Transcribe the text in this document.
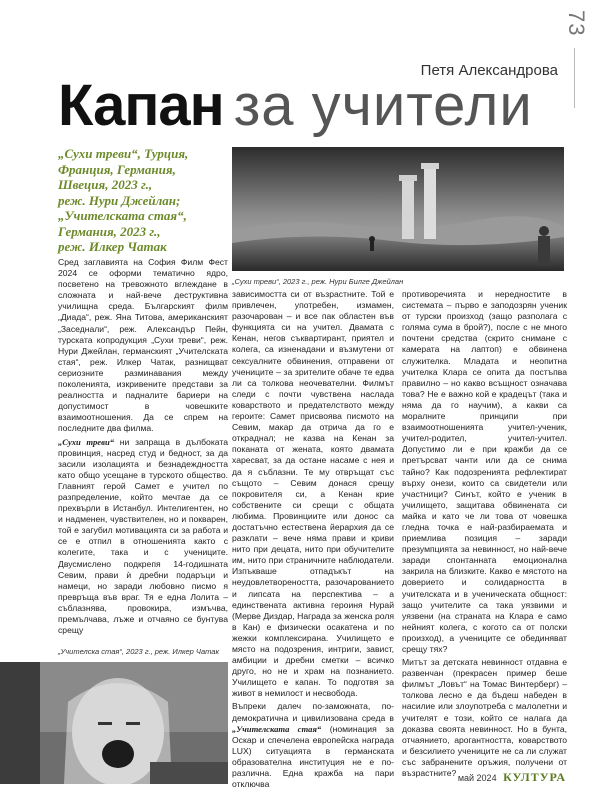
73
Петя Александрова
Капан за учители
„Сухи треви“, Турция,
Франция, Германия,
Швеция, 2023 г.,
реж. Нури Джейлан;
„Учителската стая“,
Германия, 2023 г.,
реж. Илкер Чатак
„Сухи треви“, 2023 г., реж. Нури Билге Джейлан

Сред заглавията на София Филм Фест 2024 се оформи тематично ядро, посветено на тревожното вглеждане в сложната и най-вече деструктивна училищна среда. Българският филм „Диада“, реж. Яна Титова, американският „Заседнали“, реж. Александър Пейн, турската копродукция „Сухи треви“, реж. Нури Джейлан, германският „Учителската стая“, реж. Илкер Чатак, разнищват сериозните разминавания между поколенията, изкривените представи за реалността и падналите бариери на допустимост в човешките взаимоотношения. Да се спрем на последните два филма.

„Сухи треви“ ни запраща в дълбоката провинция, насред студ и бедност, за да засили изолацията и безнадеждността като общо усещане в турското общество. Главният герой Самет е учител по разпределение, който мечтае да се прехвърли в Истанбул. Интелигентен, но и надменен, чувствителен, но и покварен, той е загубил мотивацията си за работа и се е отпил в отношенията както с колегите, така и с учениците. Двусмислено подкрепя 14-годишната Севим, прави ѝ дребни подаръци и намеци, но заради любовно писмо я превръща във враг. Тя е една Лолита – съблазнява, провокира, измъчва, премълчава, лъже и отчаяно се бунтува срещу

„Учителска стая“, 2023 г., реж. Илкер Чатак

зависимостта си от възрастните. Той е привлечен, употребен, измамен, разочарован – и все пак областен във функцията си на учител. Двамата с Кенан, негов съквартирант, приятел и колега, са изненадани и възмутени от сексуалните обвинения, отправени от учениците – за зрителите обаче те едва ли са толкова неочевателни. Филмът следи с почти чувствена наслада коварството и предателството между героите: Самет присвоява писмото на Севим, макар да отрича да го е откраднал; не казва на Кенан за поканата от жената, която двамата харесват, за да остане насаме с нея и да я съблазни. Те му отвръщат със същото – Севим донася срещу покровителя си, а Кенан крие собствените си срещи с общата любима. Провинциите или донос са достатъчно естествена йерархия да се разклати – вече няма прави и криви нито при децата, нито при обучителите им, нито при страничните наблюдатели. Изпъкваше отпадъкът на неудовлетвореността, разочарованието и липсата на перспектива – а единствената активна героиня Нурай (Мерве Дизда͏р, Награда за женска роля в Кан) е физически осакатена и по жежки комплексирана. Училището е място на подозрения, интриги, завист, амбиции и дребни сметки – всичко друго, но не и храм на познанието. Училището е капан. То подготвя за живот в немилост и несвобода.

Въпреки далеч по-заможната, по-демократична и цивилизована среда в „Учителската стая“ (номинация за Оскар и спечелена европейска награда LUX) ситуацията в германската образователна институция не е по-различна. Една кражба на пари отключва

противоречията и нередностите в системата – първо е заподозрян ученик от турски произход (защо разполага с голяма сума в брой?), после с не много почтени средства (скрито снимане с камерата на лаптоп) е обвинена служителка. Младата и неопитна учителка Клара се опита да постъпва правилно – но какво всъщност означава това? Не е важно кой е крадецът (така и няма да го научим), а какви са моралните принципи при взаимоотношенията учител-ученик, учител-родител, учител-учител. Допустимо ли е при кражби да се претърсват чанти или да се снима тайно? Как подозренията рефлектират върху онези, които са свидетели или участници? Синът, който е ученик в училището, защитава обвинената си майка и като че ли това от човешка гледна точка е най-разбираемата и приемлива позиция – заради презумпцията за невинност, но най-вече заради спонтанната емоционална закрила на близките. Какво е мястото на доверието и солидарността в учителската и в ученическата общност: защо учителите са така уязвими и уязвени (на страната на Клара е само нейният колега, с когото са от полски произход), а учениците се обединяват срещу тях?

Митът за детската невинност отдавна е развенчан (прекрасен пример беше филмът „Ловът“ на Томас Винтерберг) – толкова лесно е да бъдеш набеден в насилие или злоупотреба с малолетни и учителят е този, който се налага да доказва своята невинност. Но в бунта, отчаянието, арогантността, коварството и безсилието учениците не са ли служат със забранените оръжия, получени от възрастните? май 2024 КУЛТУРА
